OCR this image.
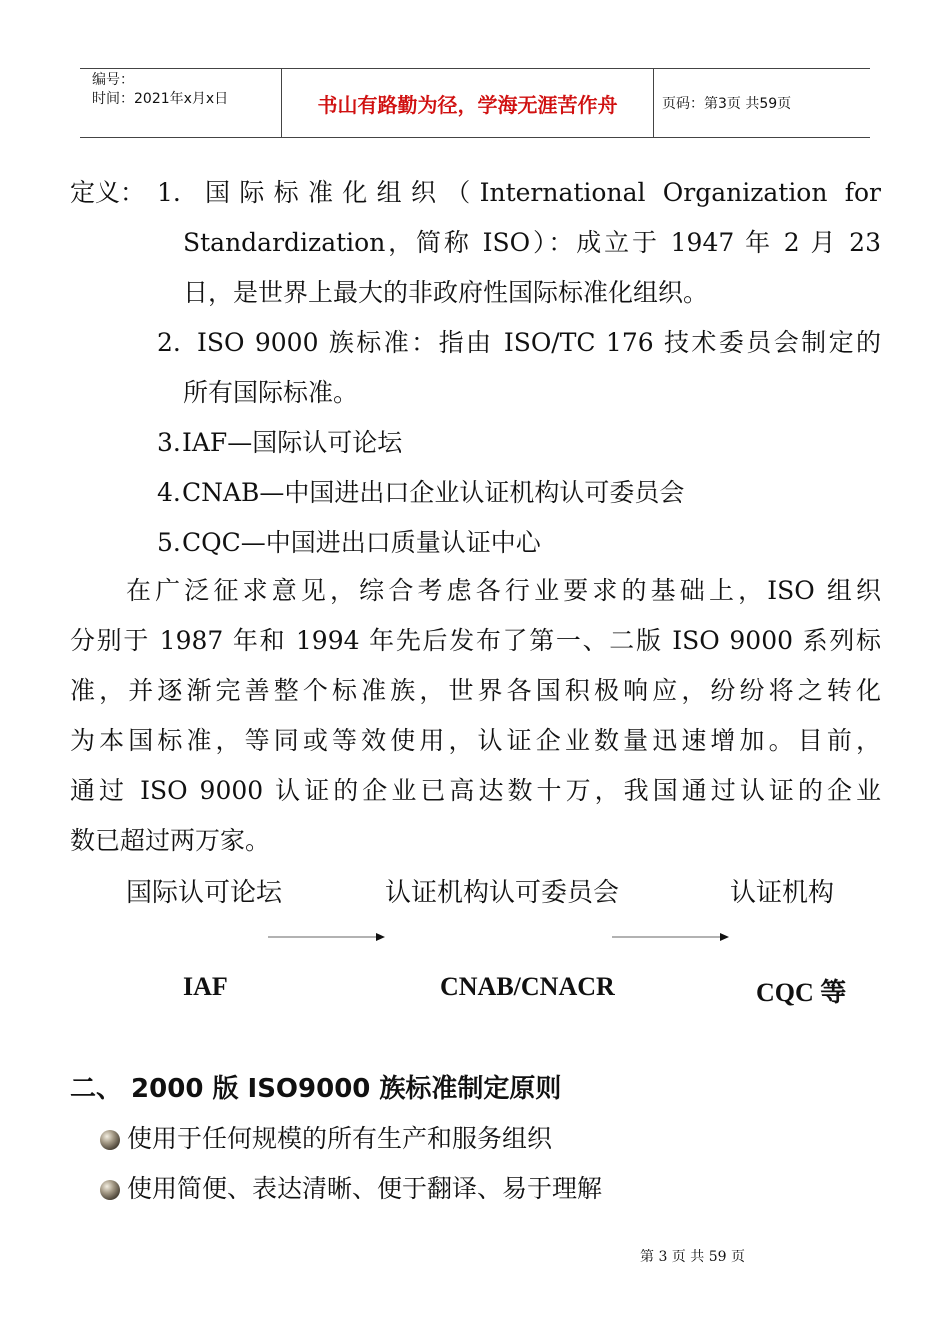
编号：
时间：2021年x月x日	书山有路勤为径，学海无涯苦作舟	页码：第3页 共59页
定义： 1. 国际标准化组织（International Organization for
Standardization，简称 ISO）：成立于 1947 年 2 月 23
日，是世界上最大的非政府性国际标准化组织。
2. ISO 9000 族标准：指由 ISO/TC 176 技术委员会制定的
所有国际标准。
3. IAF—国际认可论坛
4. CNAB—中国进出口企业认证机构认可委员会
5. CQC—中国进出口质量认证中心
在广泛征求意见，综合考虑各行业要求的基础上，ISO 组织
分别于 1987 年和 1994 年先后发布了第一、二版 ISO 9000 系列标
准，并逐渐完善整个标准族，世界各国积极响应，纷纷将之转化
为本国标准，等同或等效使用，认证企业数量迅速增加。目前，
通过 ISO 9000 认证的企业已高达数十万，我国通过认证的企业
数已超过两万家。
国际认可论坛	认证机构认可委员会	认证机构
IAF	CNAB/CNACR	CQC 等
二、 2000 版 ISO9000 族标准制定原则
使用于任何规模的所有生产和服务组织
使用简便、表达清晰、便于翻译、易于理解
第 3 页 共 59 页
